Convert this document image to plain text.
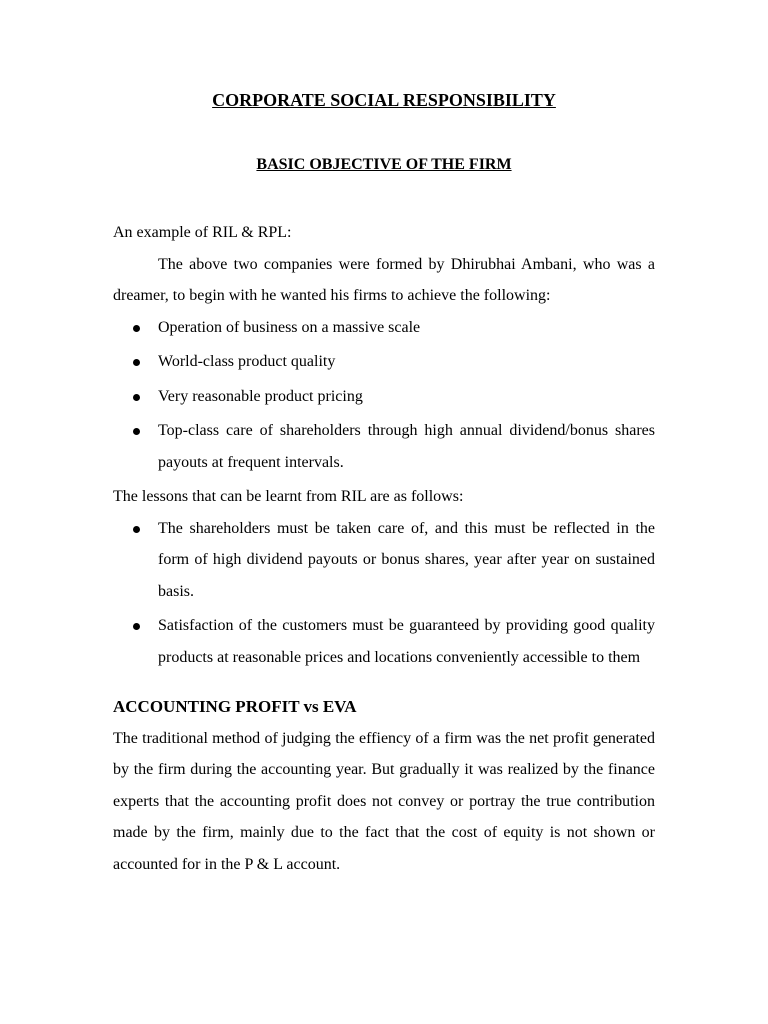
CORPORATE SOCIAL RESPONSIBILITY
BASIC OBJECTIVE OF THE FIRM

An example of RIL & RPL:

The above two companies were formed by Dhirubhai Ambani, who was a dreamer, to begin with he wanted his firms to achieve the following:

Operation of business on a massive scale
World-class product quality
Very reasonable product pricing
Top-class care of shareholders through high annual dividend/bonus shares payouts at frequent intervals.

The lessons that can be learnt from RIL are as follows:

The shareholders must be taken care of, and this must be reflected in the form of high dividend payouts or bonus shares, year after year on sustained basis.
Satisfaction of the customers must be guaranteed by providing good quality products at reasonable prices and locations conveniently accessible to them

ACCOUNTING PROFIT vs EVA

The traditional method of judging the effiency of a firm was the net profit generated by the firm during the accounting year. But gradually it was realized by the finance experts that the accounting profit does not convey or portray the true contribution made by the firm, mainly due to the fact that the cost of equity is not shown or accounted for in the P & L account.
